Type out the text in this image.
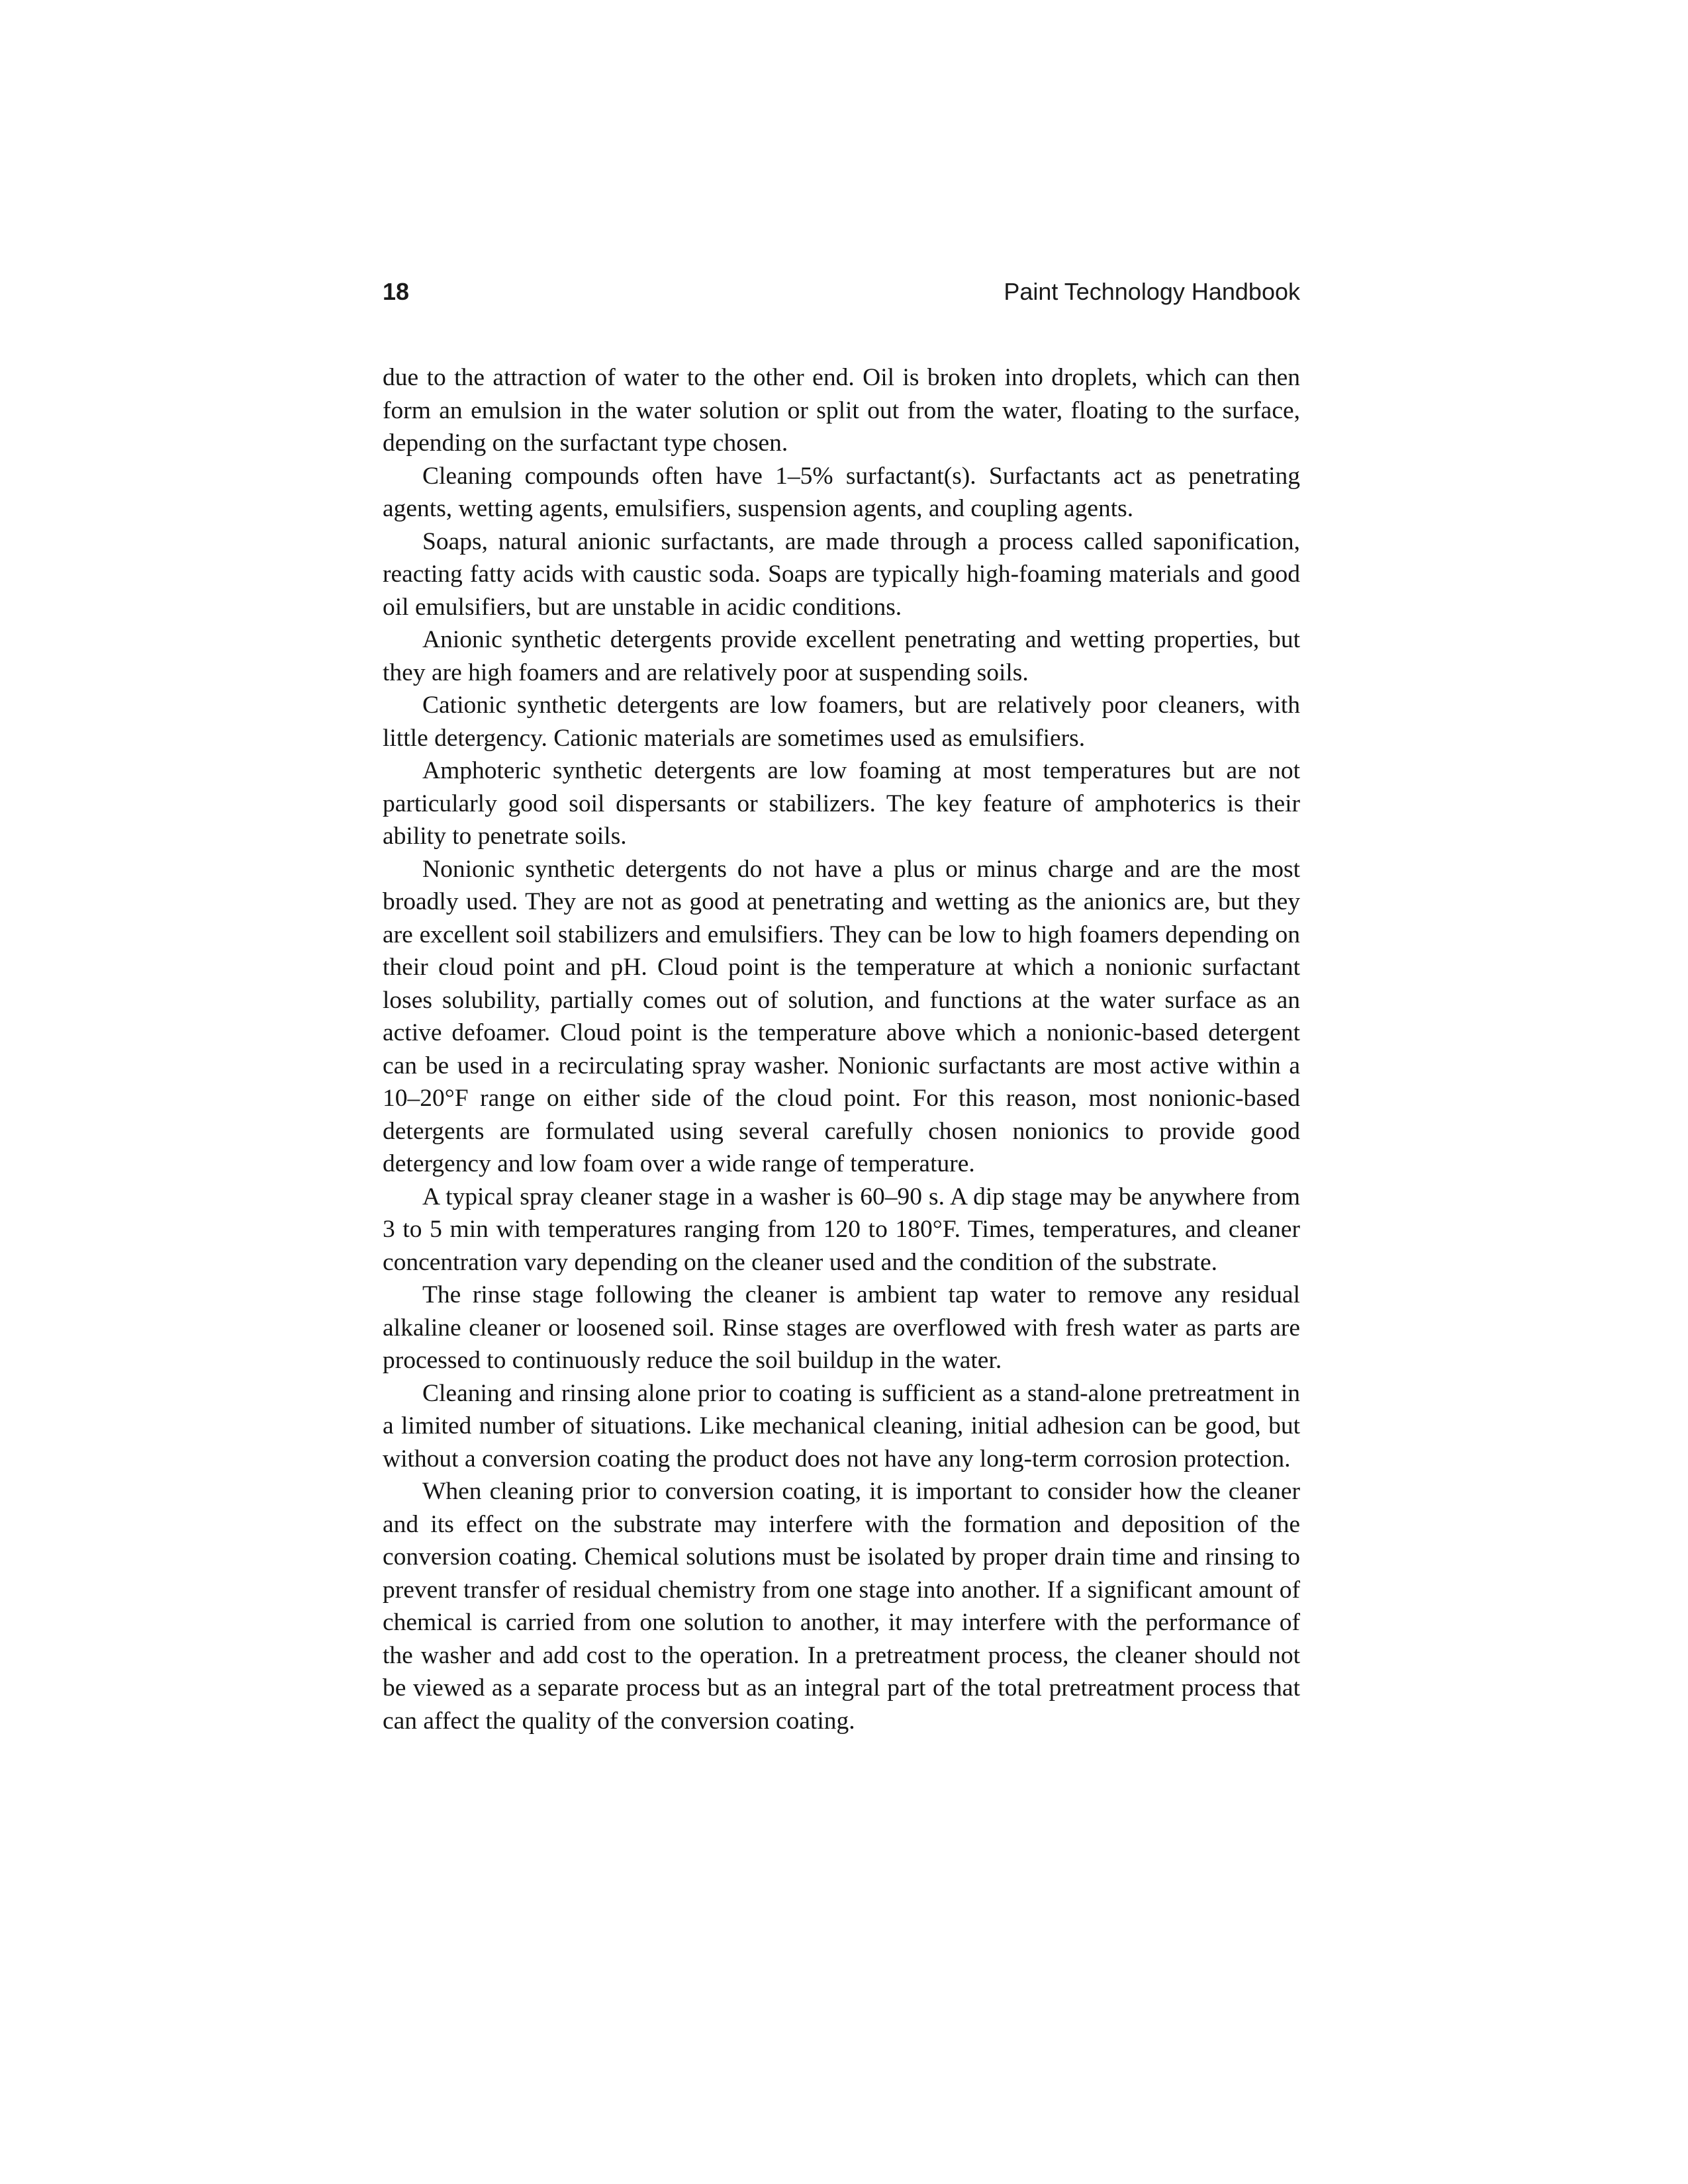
18	Paint Technology Handbook

due to the attraction of water to the other end. Oil is broken into droplets, which can then form an emulsion in the water solution or split out from the water, floating to the surface, depending on the surfactant type chosen.

Cleaning compounds often have 1–5% surfactant(s). Surfactants act as penetrating agents, wetting agents, emulsifiers, suspension agents, and coupling agents.

Soaps, natural anionic surfactants, are made through a process called saponification, reacting fatty acids with caustic soda. Soaps are typically high-foaming materials and good oil emulsifiers, but are unstable in acidic conditions.

Anionic synthetic detergents provide excellent penetrating and wetting properties, but they are high foamers and are relatively poor at suspending soils.

Cationic synthetic detergents are low foamers, but are relatively poor cleaners, with little detergency. Cationic materials are sometimes used as emulsifiers.

Amphoteric synthetic detergents are low foaming at most temperatures but are not particularly good soil dispersants or stabilizers. The key feature of amphoterics is their ability to penetrate soils.

Nonionic synthetic detergents do not have a plus or minus charge and are the most broadly used. They are not as good at penetrating and wetting as the anionics are, but they are excellent soil stabilizers and emulsifiers. They can be low to high foamers depending on their cloud point and pH. Cloud point is the temperature at which a nonionic surfactant loses solubility, partially comes out of solution, and functions at the water surface as an active defoamer. Cloud point is the temperature above which a nonionic-based detergent can be used in a recirculating spray washer. Nonionic surfactants are most active within a 10–20°F range on either side of the cloud point. For this reason, most nonionic-based detergents are formulated using several carefully chosen nonionics to provide good detergency and low foam over a wide range of temperature.

A typical spray cleaner stage in a washer is 60–90 s. A dip stage may be anywhere from 3 to 5 min with temperatures ranging from 120 to 180°F. Times, temperatures, and cleaner concentration vary depending on the cleaner used and the condition of the substrate.

The rinse stage following the cleaner is ambient tap water to remove any residual alkaline cleaner or loosened soil. Rinse stages are overflowed with fresh water as parts are processed to continuously reduce the soil buildup in the water.

Cleaning and rinsing alone prior to coating is sufficient as a stand-alone pretreatment in a limited number of situations. Like mechanical cleaning, initial adhesion can be good, but without a conversion coating the product does not have any long-term corrosion protection.

When cleaning prior to conversion coating, it is important to consider how the cleaner and its effect on the substrate may interfere with the formation and deposition of the conversion coating. Chemical solutions must be isolated by proper drain time and rinsing to prevent transfer of residual chemistry from one stage into another. If a significant amount of chemical is carried from one solution to another, it may interfere with the performance of the washer and add cost to the operation. In a pretreatment process, the cleaner should not be viewed as a separate process but as an integral part of the total pretreatment process that can affect the quality of the conversion coating.
